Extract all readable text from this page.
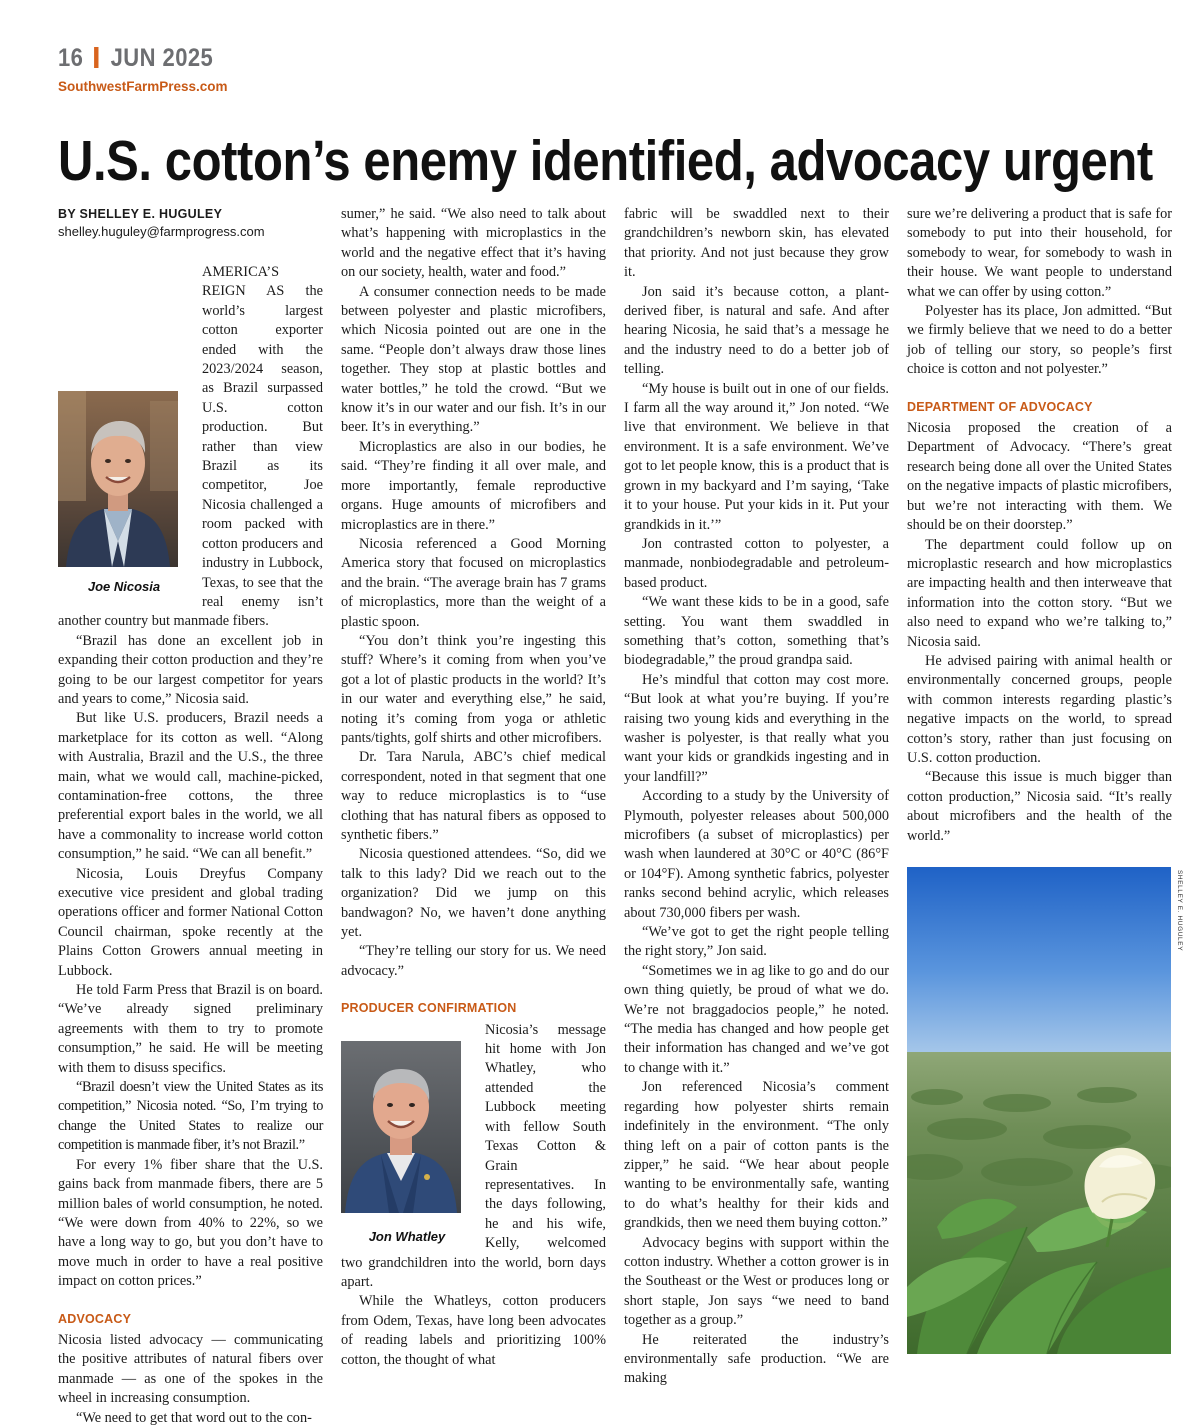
16 JUN 2025
SouthwestFarmPress.com
U.S. cotton’s enemy identified, advocacy urgent
BY SHELLEY E. HUGULEY
shelley.huguley@farmprogress.com
Joe Nicosia

AMERICA’S REIGN AS the world’s largest cotton exporter ended with the 2023/2024 season, as Brazil surpassed U.S. cotton production. But rather than view Brazil as its competitor, Joe Nicosia challenged a room packed with cotton producers and industry in Lubbock, Texas, to see that the real enemy isn’t another country but manmade fibers.

“Brazil has done an excellent job in expanding their cotton production and they’re going to be our largest competitor for years and years to come,” Nicosia said.

But like U.S. producers, Brazil needs a marketplace for its cotton as well. “Along with Australia, Brazil and the U.S., the three main, what we would call, machine-picked, contamination-free cottons, the three preferential export bales in the world, we all have a commonality to increase world cotton consumption,” he said. “We can all benefit.”

Nicosia, Louis Dreyfus Company executive vice president and global trading operations officer and former National Cotton Council chairman, spoke recently at the Plains Cotton Growers annual meeting in Lubbock.

He told Farm Press that Brazil is on board. “We’ve already signed preliminary agreements with them to try to promote consumption,” he said. He will be meeting with them to disuss specifics.

“Brazil doesn’t view the United States as its competition,” Nicosia noted. “So, I’m trying to change the United States to realize our competition is manmade fiber, it’s not Brazil.”

For every 1% fiber share that the U.S. gains back from manmade fibers, there are 5 million bales of world consumption, he noted. “We were down from 40% to 22%, so we have a long way to go, but you don’t have to move much in order to have a real positive impact on cotton prices.”

ADVOCACY

Nicosia listed advocacy — communicating the positive attributes of natural fibers over manmade — as one of the spokes in the wheel in increasing consumption.

“We need to get that word out to the con-

sumer,” he said. “We also need to talk about what’s happening with microplastics in the world and the negative effect that it’s having on our society, health, water and food.”

A consumer connection needs to be made between polyester and plastic microfibers, which Nicosia pointed out are one in the same. “People don’t always draw those lines together. They stop at plastic bottles and water bottles,” he told the crowd. “But we know it’s in our water and our fish. It’s in our beer. It’s in everything.”

Microplastics are also in our bodies, he said. “They’re finding it all over male, and more importantly, female reproductive organs. Huge amounts of microfibers and microplastics are in there.”

Nicosia referenced a Good Morning America story that focused on microplastics and the brain. “The average brain has 7 grams of microplastics, more than the weight of a plastic spoon.

“You don’t think you’re ingesting this stuff? Where’s it coming from when you’ve got a lot of plastic products in the world? It’s in our water and everything else,” he said, noting it’s coming from yoga or athletic pants/tights, golf shirts and other microfibers.

Dr. Tara Narula, ABC’s chief medical correspondent, noted in that segment that one way to reduce microplastics is to “use clothing that has natural fibers as opposed to synthetic fibers.”

Nicosia questioned attendees. “So, did we talk to this lady? Did we reach out to the organization? Did we jump on this bandwagon? No, we haven’t done anything yet.

“They’re telling our story for us. We need advocacy.”

PRODUCER CONFIRMATION
Jon Whatley

Nicosia’s message hit home with Jon Whatley, who attended the Lubbock meeting with fellow South Texas Cotton & Grain representatives. In the days following, he and his wife, Kelly, welcomed two grandchildren into the world, born days apart.

While the Whatleys, cotton producers from Odem, Texas, have long been advocates of reading labels and prioritizing 100% cotton, the thought of what

fabric will be swaddled next to their grandchildren’s newborn skin, has elevated that priority. And not just because they grow it.

Jon said it’s because cotton, a plant-derived fiber, is natural and safe. And after hearing Nicosia, he said that’s a message he and the industry need to do a better job of telling.

“My house is built out in one of our fields. I farm all the way around it,” Jon noted. “We live that environment. We believe in that environment. It is a safe environment. We’ve got to let people know, this is a product that is grown in my backyard and I’m saying, ‘Take it to your house. Put your kids in it. Put your grandkids in it.’”

Jon contrasted cotton to polyester, a manmade, nonbiodegradable and petroleum-based product.

“We want these kids to be in a good, safe setting. You want them swaddled in something that’s cotton, something that’s biodegradable,” the proud grandpa said.

He’s mindful that cotton may cost more. “But look at what you’re buying. If you’re raising two young kids and everything in the washer is polyester, is that really what you want your kids or grandkids ingesting and in your landfill?”

According to a study by the University of Plymouth, polyester releases about 500,000 microfibers (a subset of microplastics) per wash when laundered at 30°C or 40°C (86°F or 104°F). Among synthetic fabrics, polyester ranks second behind acrylic, which releases about 730,000 fibers per wash.

“We’ve got to get the right people telling the right story,” Jon said.

“Sometimes we in ag like to go and do our own thing quietly, be proud of what we do. We’re not braggadocios people,” he noted. “The media has changed and how people get their information has changed and we’ve got to change with it.”

Jon referenced Nicosia’s comment regarding how polyester shirts remain indefinitely in the environment. “The only thing left on a pair of cotton pants is the zipper,” he said. “We hear about people wanting to be environmentally safe, wanting to do what’s healthy for their kids and grandkids, then we need them buying cotton.”

Advocacy begins with support within the cotton industry. Whether a cotton grower is in the Southeast or the West or produces long or short staple, Jon says “we need to band together as a group.”

He reiterated the industry’s environmentally safe production. “We are making

sure we’re delivering a product that is safe for somebody to put into their household, for somebody to wear, for somebody to wash in their house. We want people to understand what we can offer by using cotton.”

Polyester has its place, Jon admitted. “But we firmly believe that we need to do a better job of telling our story, so people’s first choice is cotton and not polyester.”

DEPARTMENT OF ADVOCACY

Nicosia proposed the creation of a Department of Advocacy. “There’s great research being done all over the United States on the negative impacts of plastic microfibers, but we’re not interacting with them. We should be on their doorstep.”

The department could follow up on microplastic research and how microplastics are impacting health and then interweave that information into the cotton story. “But we also need to expand who we’re talking to,” Nicosia said.

He advised pairing with animal health or environmentally concerned groups, people with common interests regarding plastic’s negative impacts on the world, to spread cotton’s story, rather than just focusing on U.S. cotton production.

“Because this issue is much bigger than cotton production,” Nicosia said. “It’s really about microfibers and the health of the world.”

SHELLEY E. HUGULEY
